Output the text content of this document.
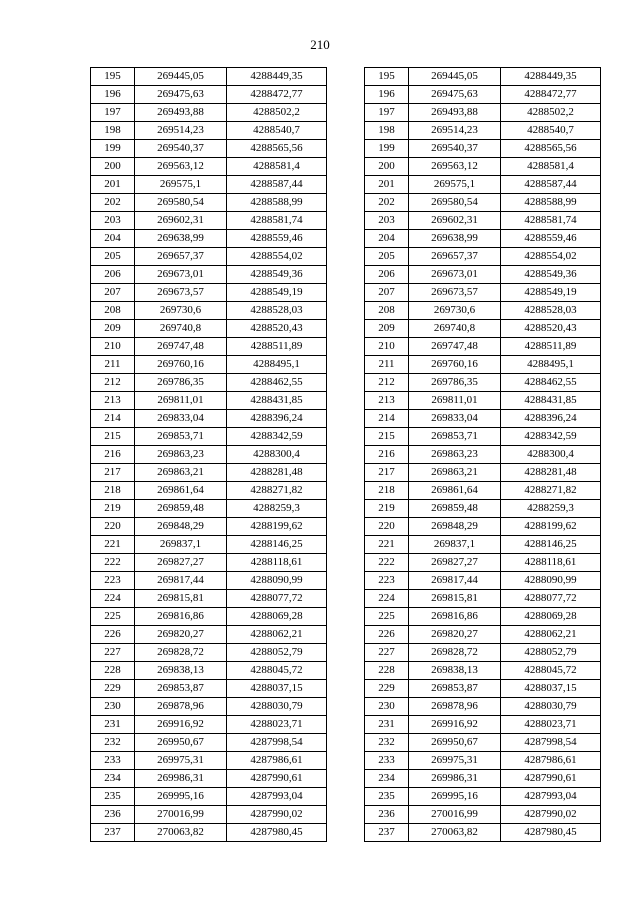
210
195	269445,05	4288449,35
196	269475,63	4288472,77
197	269493,88	4288502,2
198	269514,23	4288540,7
199	269540,37	4288565,56
200	269563,12	4288581,4
201	269575,1	4288587,44
202	269580,54	4288588,99
203	269602,31	4288581,74
204	269638,99	4288559,46
205	269657,37	4288554,02
206	269673,01	4288549,36
207	269673,57	4288549,19
208	269730,6	4288528,03
209	269740,8	4288520,43
210	269747,48	4288511,89
211	269760,16	4288495,1
212	269786,35	4288462,55
213	269811,01	4288431,85
214	269833,04	4288396,24
215	269853,71	4288342,59
216	269863,23	4288300,4
217	269863,21	4288281,48
218	269861,64	4288271,82
219	269859,48	4288259,3
220	269848,29	4288199,62
221	269837,1	4288146,25
222	269827,27	4288118,61
223	269817,44	4288090,99
224	269815,81	4288077,72
225	269816,86	4288069,28
226	269820,27	4288062,21
227	269828,72	4288052,79
228	269838,13	4288045,72
229	269853,87	4288037,15
230	269878,96	4288030,79
231	269916,92	4288023,71
232	269950,67	4287998,54
233	269975,31	4287986,61
234	269986,31	4287990,61
235	269995,16	4287993,04
236	270016,99	4287990,02
237	270063,82	4287980,45
195	269445,05	4288449,35
196	269475,63	4288472,77
197	269493,88	4288502,2
198	269514,23	4288540,7
199	269540,37	4288565,56
200	269563,12	4288581,4
201	269575,1	4288587,44
202	269580,54	4288588,99
203	269602,31	4288581,74
204	269638,99	4288559,46
205	269657,37	4288554,02
206	269673,01	4288549,36
207	269673,57	4288549,19
208	269730,6	4288528,03
209	269740,8	4288520,43
210	269747,48	4288511,89
211	269760,16	4288495,1
212	269786,35	4288462,55
213	269811,01	4288431,85
214	269833,04	4288396,24
215	269853,71	4288342,59
216	269863,23	4288300,4
217	269863,21	4288281,48
218	269861,64	4288271,82
219	269859,48	4288259,3
220	269848,29	4288199,62
221	269837,1	4288146,25
222	269827,27	4288118,61
223	269817,44	4288090,99
224	269815,81	4288077,72
225	269816,86	4288069,28
226	269820,27	4288062,21
227	269828,72	4288052,79
228	269838,13	4288045,72
229	269853,87	4288037,15
230	269878,96	4288030,79
231	269916,92	4288023,71
232	269950,67	4287998,54
233	269975,31	4287986,61
234	269986,31	4287990,61
235	269995,16	4287993,04
236	270016,99	4287990,02
237	270063,82	4287980,45
